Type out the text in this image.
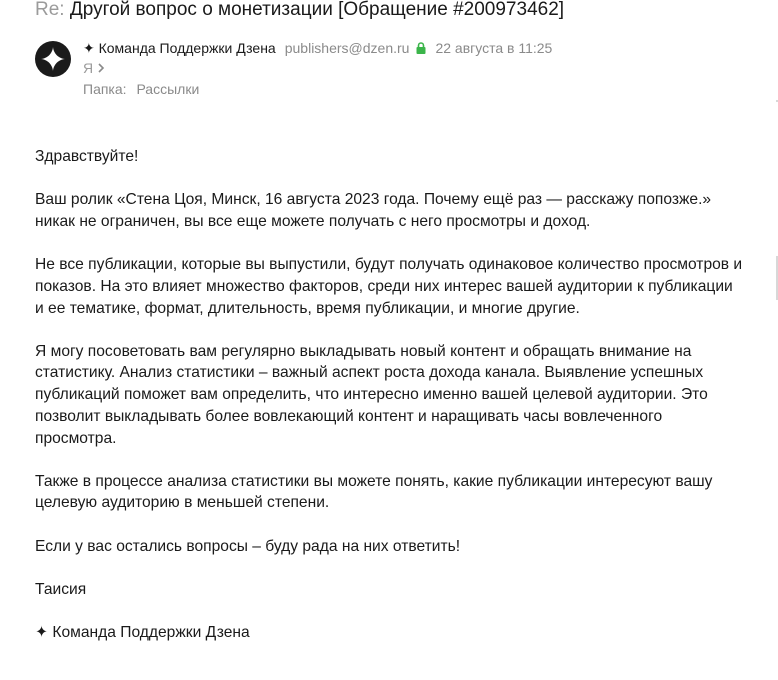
Re: Другой вопрос о монетизации [Обращение #200973462]
✦ Команда Поддержки Дзена publishers@dzen.ru 22 августа в 11:25
Я
Папка: Рассылки

Здравствуйте!

Ваш ролик «Стена Цоя, Минск, 16 августа 2023 года. Почему ещё раз — расскажу попозже.» никак не ограничен, вы все еще можете получать с него просмотры и доход.

Не все публикации, которые вы выпустили, будут получать одинаковое количество просмотров и показов. На это влияет множество факторов, среди них интерес вашей аудитории к публикации и ее тематике, формат, длительность, время публикации, и многие другие.

Я могу посоветовать вам регулярно выкладывать новый контент и обращать внимание на статистику. Анализ статистики – важный аспект роста дохода канала. Выявление успешных публикаций поможет вам определить, что интересно именно вашей целевой аудитории. Это позволит выкладывать более вовлекающий контент и наращивать часы вовлеченного просмотра.

Также в процессе анализа статистики вы можете понять, какие публикации интересуют вашу целевую аудиторию в меньшей степени.

Если у вас остались вопросы – буду рада на них ответить!

Таисия

✦ Команда Поддержки Дзена
